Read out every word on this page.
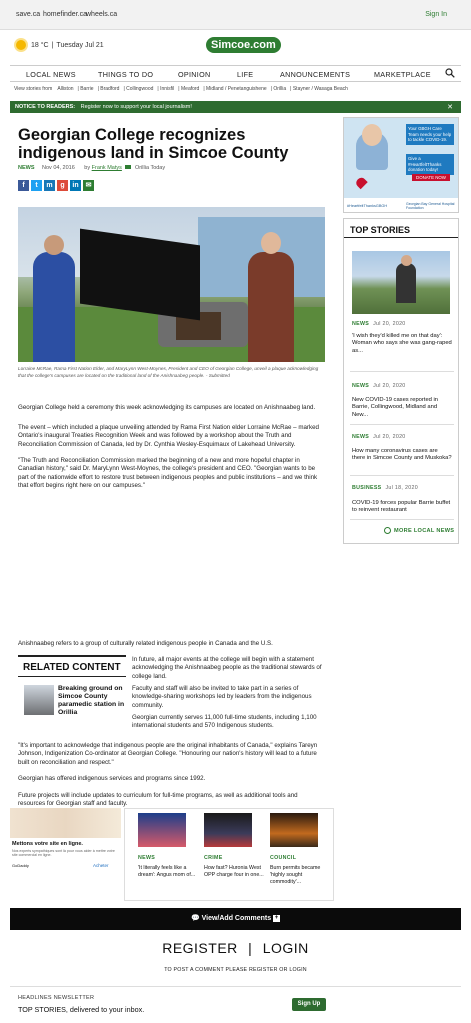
save.ca homefinder.ca wheels.ca	Sign In
18 °C | Tuesday Jul 21	Simcoe.com
LOCAL NEWS	THINGS TO DO	OPINION	LIFE	ANNOUNCEMENTS	MARKETPLACE
View stories from Alliston | Barrie | Bradford | Collingwood | Innisfil | Meaford | Midland / Penetanguishene | Orillia | Stayner / Wasaga Beach
NOTICE TO READERS: Register now to support your local journalism!	✕
Georgian College recognizes indigenous land in Simcoe County
NEWS Nov 04, 2016 by Frank Matys Orillia Today
f	t	m	g	in ✉
Lorraine McRae, Rama First Nation Elder, and MaryLynn West-Moynes, President and CEO of Georgian College, unveil a plaque acknowledging that the college's campuses are located on the traditional land of the Anishnaabeg people. - Submitted

Georgian College held a ceremony this week acknowledging its campuses are located on Anishnaabeg land.

The event – which included a plaque unveiling attended by Rama First Nation elder Lorraine McRae – marked Ontario's inaugural Treaties Recognition Week and was followed by a workshop about the Truth and Reconciliation Commission of Canada, led by Dr. Cynthia Wesley-Esquimaux of Lakehead University.

"The Truth and Reconciliation Commission marked the beginning of a new and more hopeful chapter in Canadian history," said Dr. MaryLynn West-Moynes, the college's president and CEO. "Georgian wants to be part of the nationwide effort to restore trust between indigenous peoples and public institutions – and we think that effort begins right here on our campuses."

Anishnaabeg refers to a group of culturally related indigenous people in Canada and the U.S.

RELATED CONTENT
Breaking ground on Simcoe County paramedic station in Orillia

In future, all major events at the college will begin with a statement acknowledging the Anishnaabeg people as the traditional stewards of college land.

Faculty and staff will also be invited to take part in a series of knowledge-sharing workshops led by leaders from the indigenous community.

Georgian currently serves 11,000 full-time students, including 1,100 international students and 570 Indigenous students.

"It's important to acknowledge that indigenous people are the original inhabitants of Canada," explains Tareyn Johnson, Indigenization Co-ordinator at Georgian College. "Honouring our nation's history will lead to a future built on reconciliation and respect."

Georgian has offered indigenous services and programs since 1992.

Future projects will include updates to curriculum for full-time programs, as well as additional tools and resources for Georgian staff and faculty.

Your GBGH Care Team needs your help to tackle COVID-19.
Give a #HeartfeltThanks donation today!
DONATE NOW
#HeartfeltThanksGBGH	Georgian Bay General Hospital Foundation
TOP STORIES
NEWS Jul 20, 2020
'I wish they'd killed me on that day': Woman who says she was gang-raped as...
NEWS Jul 20, 2020
New COVID-19 cases reported in Barrie, Collingwood, Midland and New...
NEWS Jul 20, 2020
How many coronavirus cases are there in Simcoe County and Muskoka?
BUSINESS Jul 18, 2020
COVID-19 forces popular Barrie buffet to reinvent restaurant
MORE LOCAL NEWS
Mettons votre site en ligne.
Nos experts sympathiques sont là pour vous aider à mettre votre site commercial en ligne.
GoDaddy	Acheter
NEWS
'It literally feels like a dream': Angus mom of...
CRIME
How fast? Huronia West OPP charge four in one...
COUNCIL
Burn permits became 'highly sought commodity'...
💬 View/Add Comments +
REGISTER | LOGIN
TO POST A COMMENT PLEASE REGISTER OR LOGIN
HEADLINES NEWSLETTER
TOP STORIES, delivered to your inbox.
Sign Up
